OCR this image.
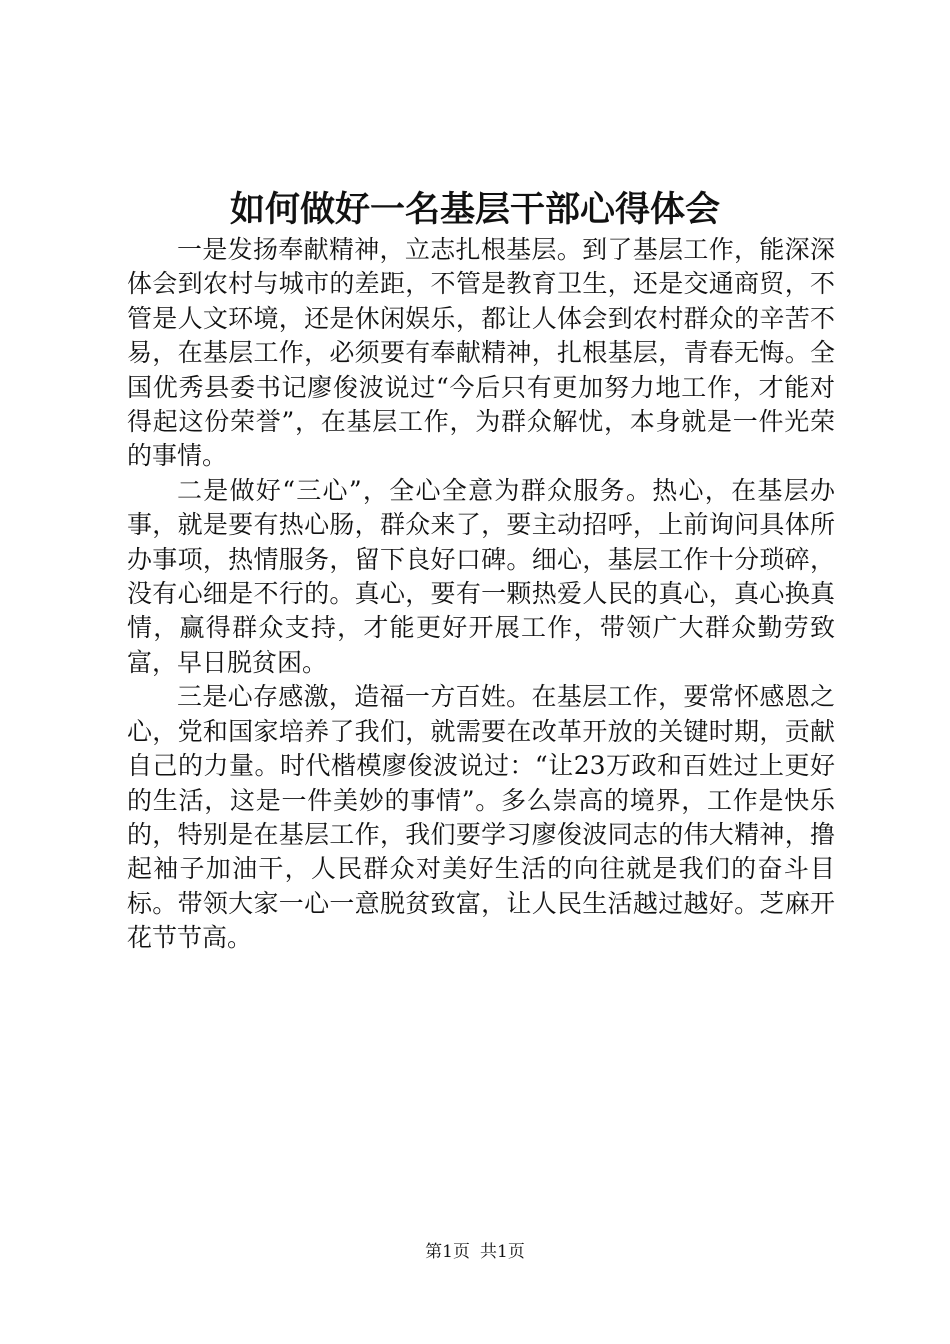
如何做好一名基层干部心得体会

一是发扬奉献精神，立志扎根基层。到了基层工作，能深深体会到农村与城市的差距，不管是教育卫生，还是交通商贸，不管是人文环境，还是休闲娱乐，都让人体会到农村群众的辛苦不易，在基层工作，必须要有奉献精神，扎根基层，青春无悔。全国优秀县委书记廖俊波说过“今后只有更加努力地工作，才能对得起这份荣誉”，在基层工作，为群众解忧，本身就是一件光荣的事情。

二是做好“三心”，全心全意为群众服务。热心，在基层办事，就是要有热心肠，群众来了，要主动招呼，上前询问具体所办事项，热情服务，留下良好口碑。细心，基层工作十分琐碎，没有心细是不行的。真心，要有一颗热爱人民的真心，真心换真情，赢得群众支持，才能更好开展工作，带领广大群众勤劳致富，早日脱贫困。

三是心存感激，造福一方百姓。在基层工作，要常怀感恩之心，党和国家培养了我们，就需要在改革开放的关键时期，贡献自己的力量。时代楷模廖俊波说过：“让23万政和百姓过上更好的生活，这是一件美妙的事情”。多么崇高的境界，工作是快乐的，特别是在基层工作，我们要学习廖俊波同志的伟大精神，撸起袖子加油干，人民群众对美好生活的向往就是我们的奋斗目标。带领大家一心一意脱贫致富，让人民生活越过越好。芝麻开花节节高。

第1页 共1页
